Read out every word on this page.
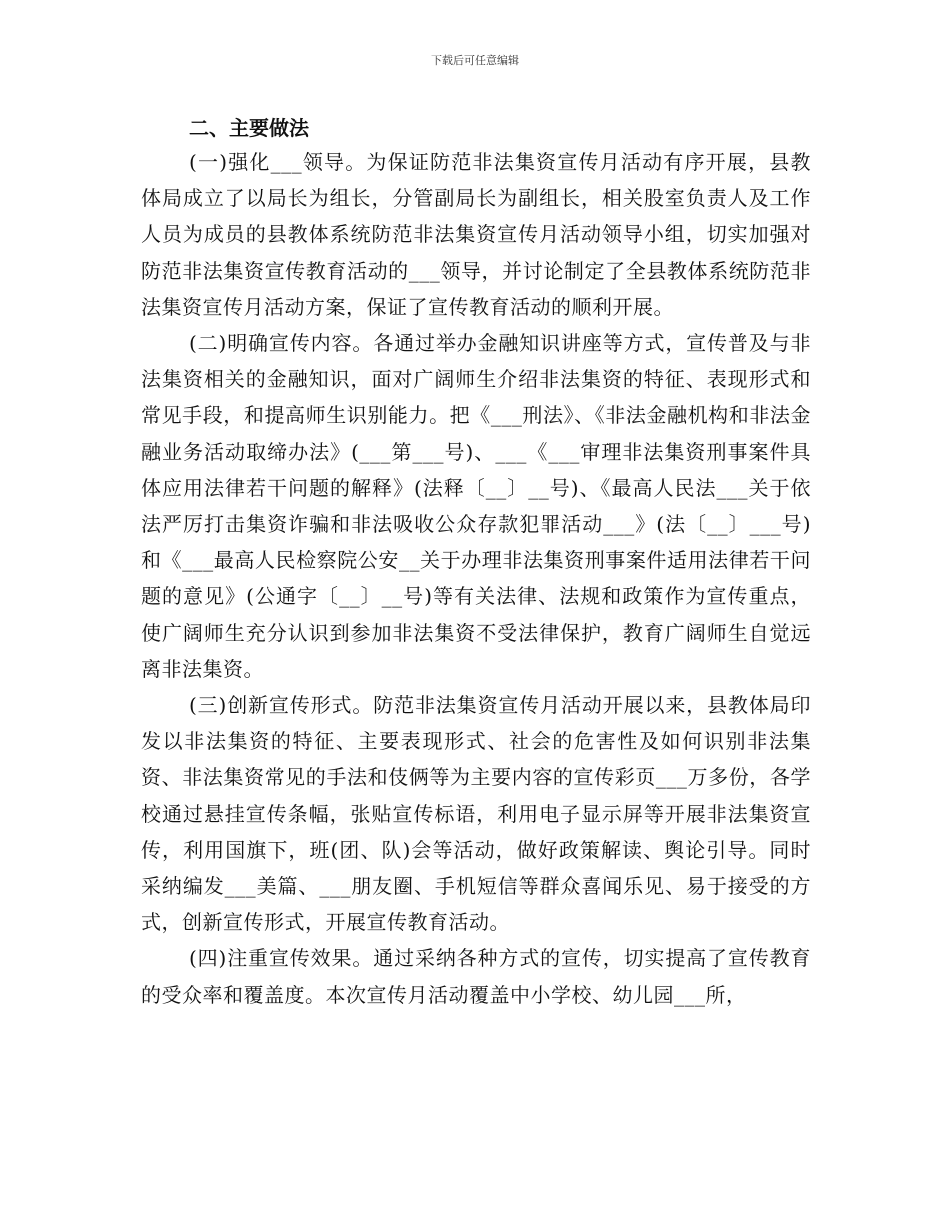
下载后可任意编辑

二、主要做法

(一)强化___领导。为保证防范非法集资宣传月活动有序开展，县教体局成立了以局长为组长，分管副局长为副组长，相关股室负责人及工作人员为成员的县教体系统防范非法集资宣传月活动领导小组，切实加强对防范非法集资宣传教育活动的___领导，并讨论制定了全县教体系统防范非法集资宣传月活动方案，保证了宣传教育活动的顺利开展。

(二)明确宣传内容。各通过举办金融知识讲座等方式，宣传普及与非法集资相关的金融知识，面对广阔师生介绍非法集资的特征、表现形式和常见手段，和提高师生识别能力。把《___刑法》、《非法金融机构和非法金融业务活动取缔办法》(___第___号)、___《___审理非法集资刑事案件具体应用法律若干问题的解释》(法释〔__〕__号)、《最高人民法___关于依法严厉打击集资诈骗和非法吸收公众存款犯罪活动___》(法〔__〕___号)和《___最高人民检察院公安__关于办理非法集资刑事案件适用法律若干问题的意见》(公通字〔__〕__号)等有关法律、法规和政策作为宣传重点，使广阔师生充分认识到参加非法集资不受法律保护，教育广阔师生自觉远离非法集资。

(三)创新宣传形式。防范非法集资宣传月活动开展以来，县教体局印发以非法集资的特征、主要表现形式、社会的危害性及如何识别非法集资、非法集资常见的手法和伎俩等为主要内容的宣传彩页___万多份，各学校通过悬挂宣传条幅，张贴宣传标语，利用电子显示屏等开展非法集资宣传，利用国旗下，班(团、队)会等活动，做好政策解读、舆论引导。同时采纳编发___美篇、___朋友圈、手机短信等群众喜闻乐见、易于接受的方式，创新宣传形式，开展宣传教育活动。

(四)注重宣传效果。通过采纳各种方式的宣传，切实提高了宣传教育的受众率和覆盖度。本次宣传月活动覆盖中小学校、幼儿园___所，
